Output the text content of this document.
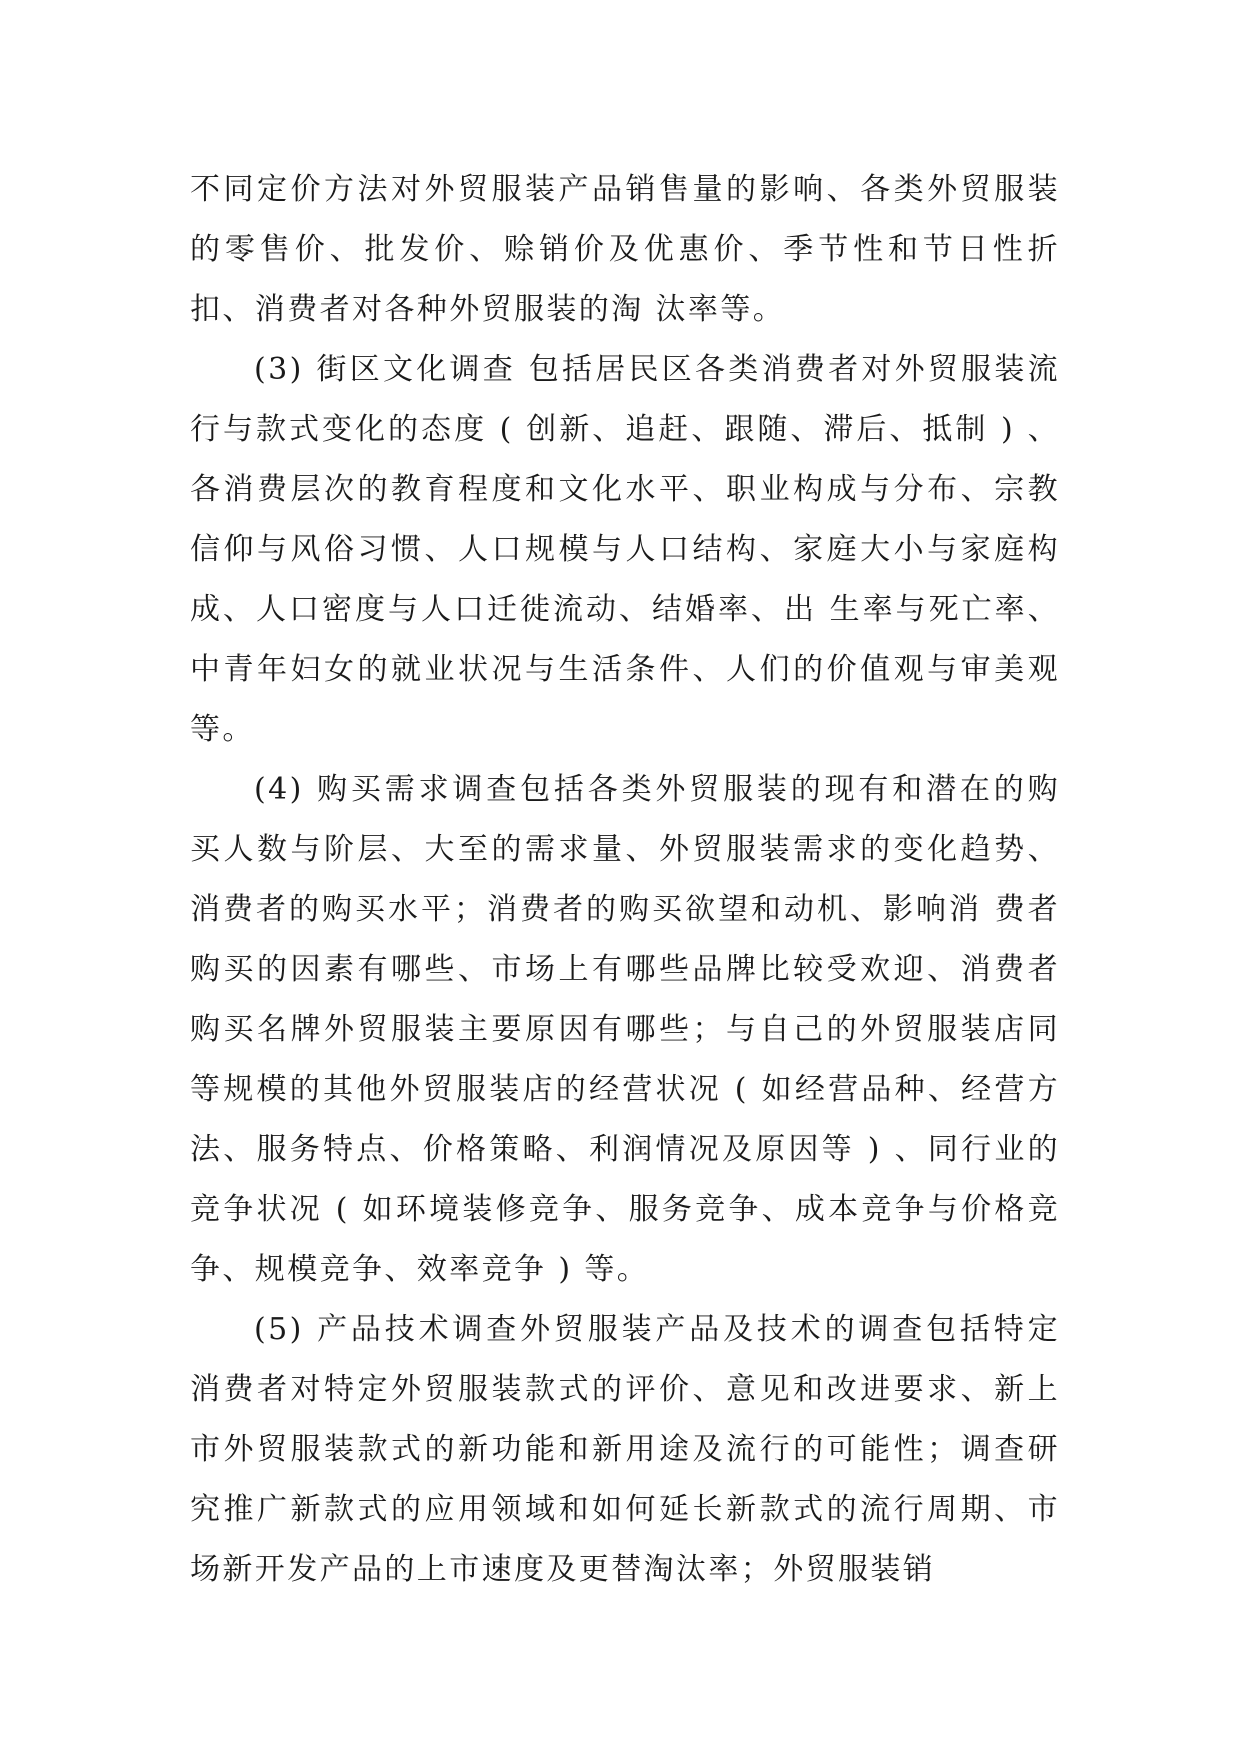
不同定价方法对外贸服装产品销售量的影响、各类外贸服装的零售价、批发价、赊销价及优惠价、季节性和节日性折扣、消费者对各种外贸服装的淘 汰率等。

(3) 街区文化调查 包括居民区各类消费者对外贸服装流行与款式变化的态度 ( 创新、追赶、跟随、滞后、抵制 ) 、各消费层次的教育程度和文化水平、职业构成与分布、宗教信仰与风俗习惯、人口规模与人口结构、家庭大小与家庭构成、人口密度与人口迁徙流动、结婚率、出 生率与死亡率、中青年妇女的就业状况与生活条件、人们的价值观与审美观等。

(4) 购买需求调查包括各类外贸服装的现有和潜在的购买人数与阶层、大至的需求量、外贸服装需求的变化趋势、消费者的购买水平；消费者的购买欲望和动机、影响消 费者购买的因素有哪些、市场上有哪些品牌比较受欢迎、消费者购买名牌外贸服装主要原因有哪些；与自己的外贸服装店同等规模的其他外贸服装店的经营状况 ( 如经营品种、经营方法、服务特点、价格策略、利润情况及原因等 ) 、同行业的竞争状况 ( 如环境装修竞争、服务竞争、成本竞争与价格竞争、规模竞争、效率竞争 ) 等。

(5) 产品技术调查外贸服装产品及技术的调查包括特定消费者对特定外贸服装款式的评价、意见和改进要求、新上市外贸服装款式的新功能和新用途及流行的可能性；调查研究推广新款式的应用领域和如何延长新款式的流行周期、市场新开发产品的上市速度及更替淘汰率；外贸服装销
